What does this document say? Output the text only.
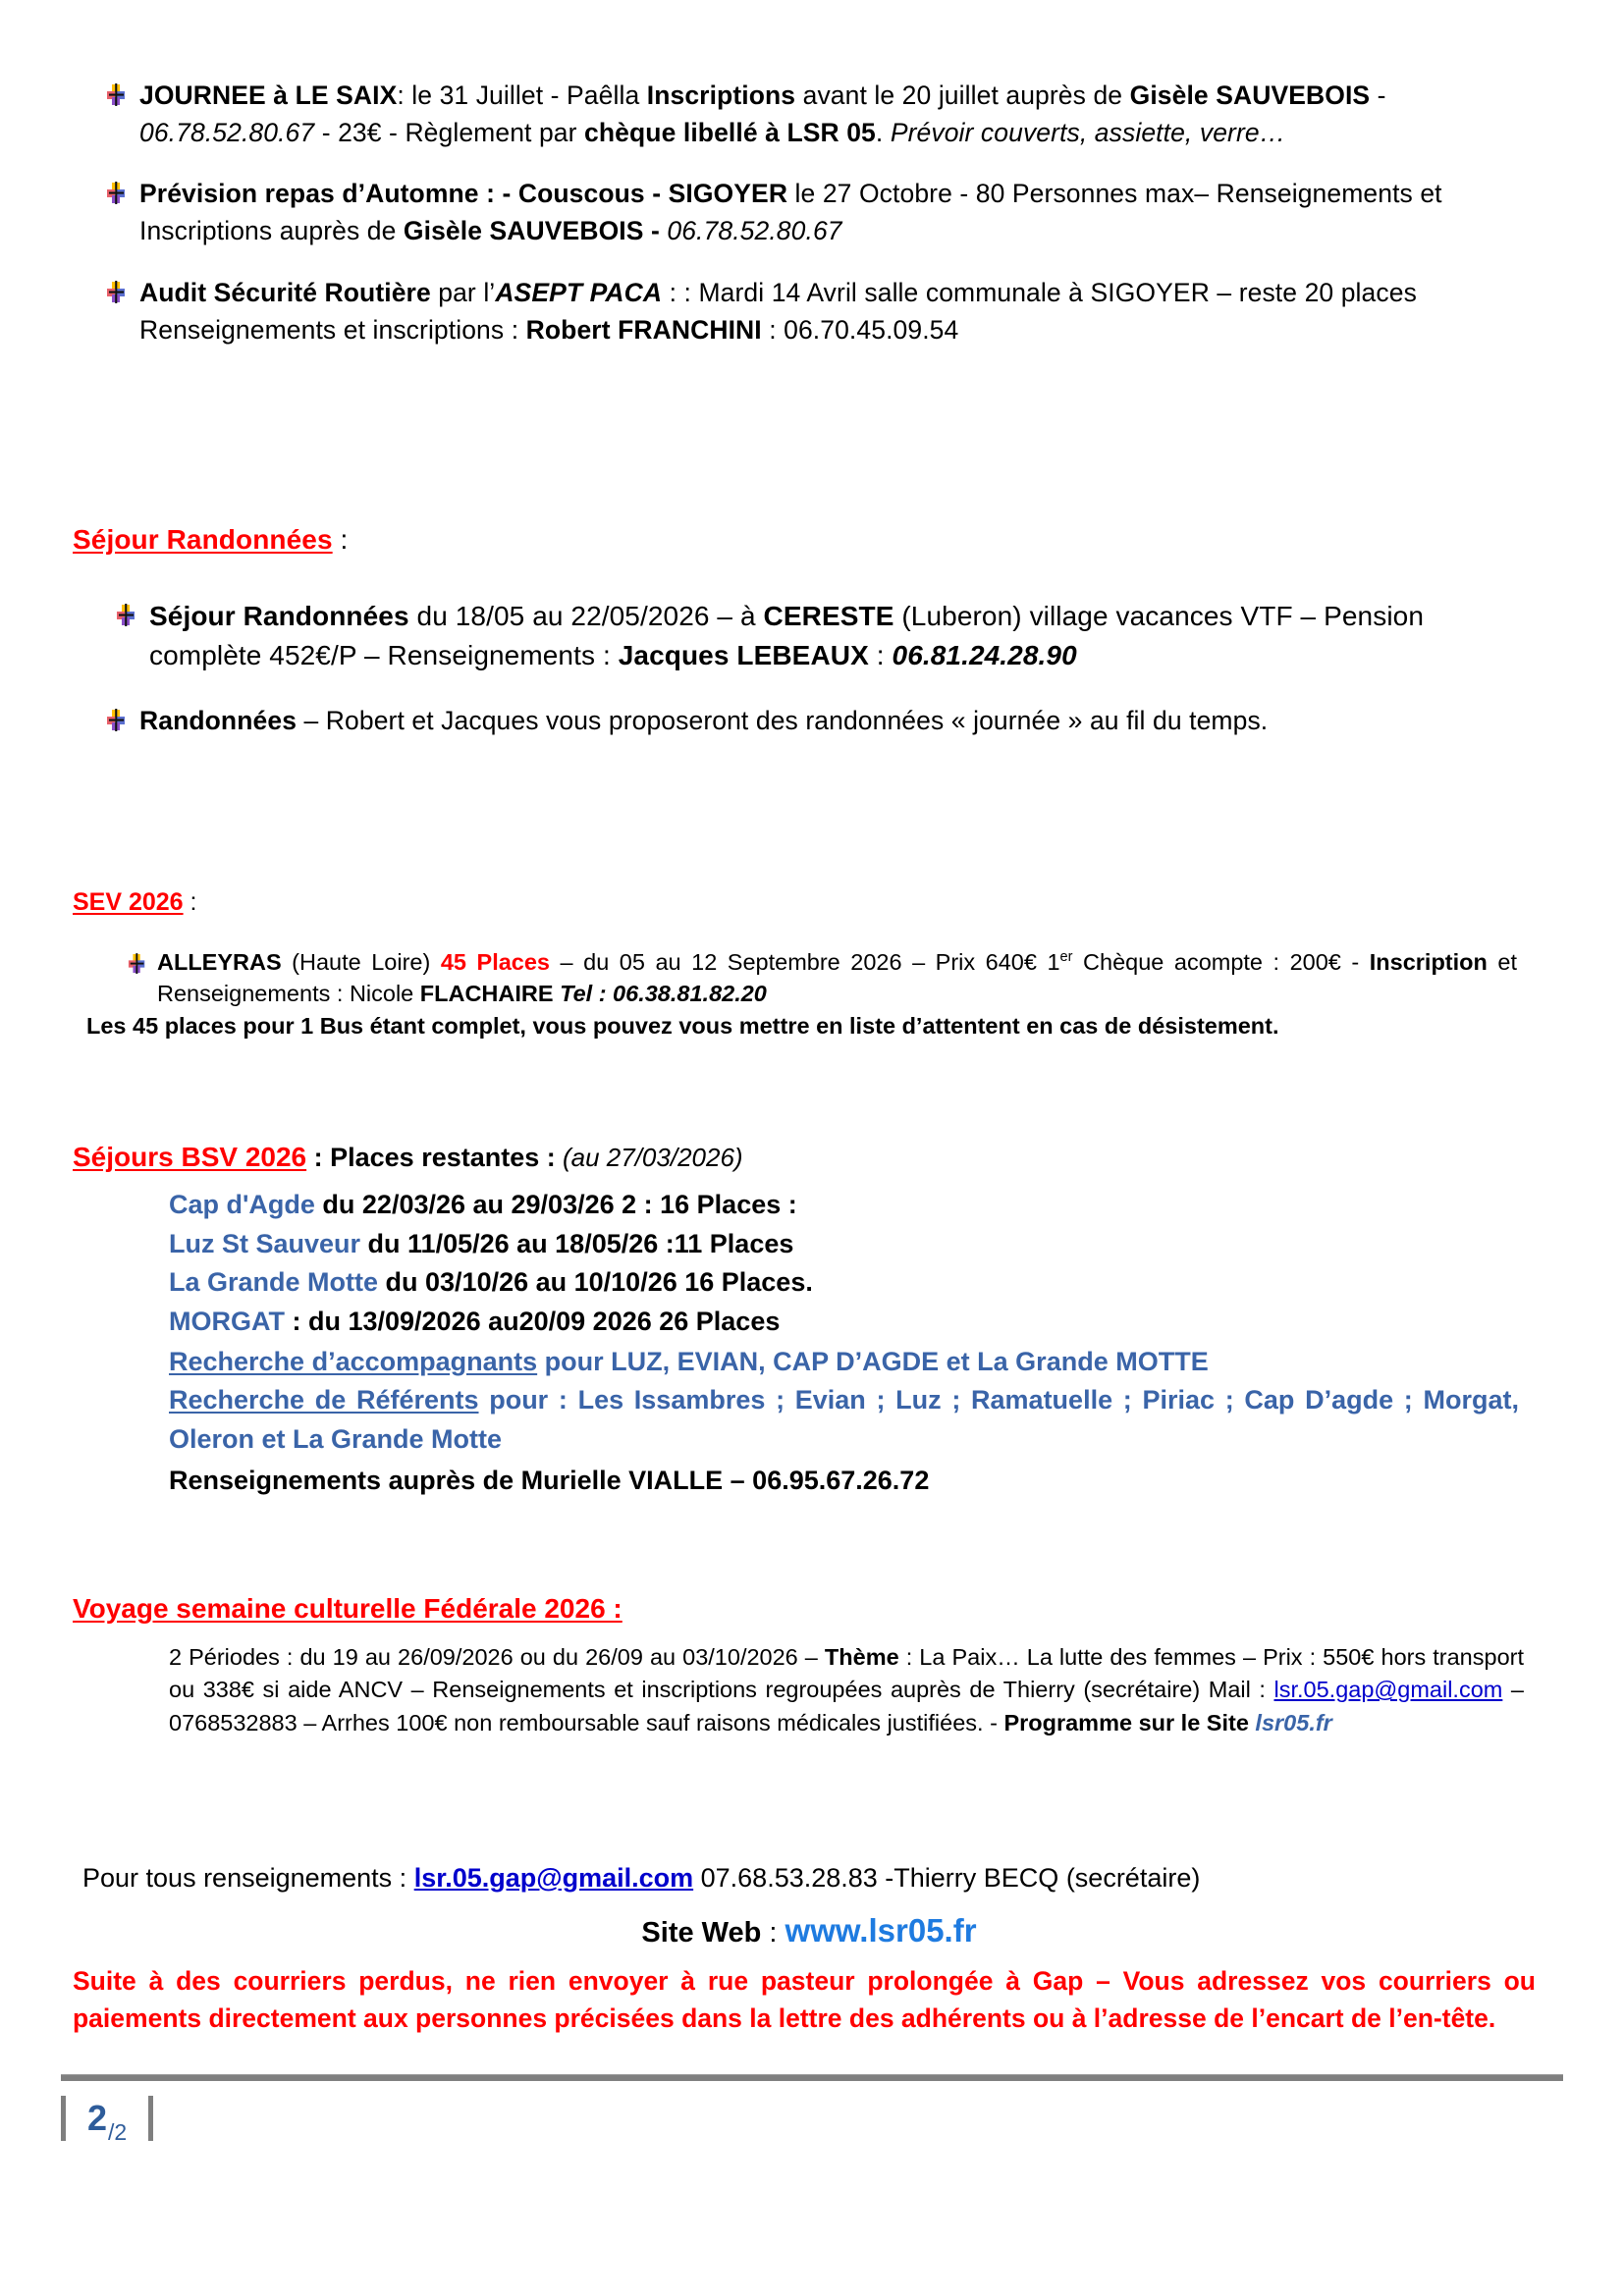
JOURNEE à LE SAIX: le 31 Juillet - Paêlla Inscriptions avant le 20 juillet auprès de Gisèle SAUVEBOIS - 06.78.52.80.67 - 23€ - Règlement par chèque libellé à LSR 05. Prévoir couverts, assiette, verre…
Prévision repas d’Automne : - Couscous - SIGOYER le 27 Octobre - 80 Personnes max– Renseignements et Inscriptions auprès de Gisèle SAUVEBOIS - 06.78.52.80.67
Audit Sécurité Routière par l’ASEPT PACA : : Mardi 14 Avril salle communale à SIGOYER – reste 20 places Renseignements et inscriptions : Robert FRANCHINI : 06.70.45.09.54
Séjour Randonnées :
Séjour Randonnées du 18/05 au 22/05/2026 – à CERESTE (Luberon) village vacances VTF – Pension complète 452€/P – Renseignements : Jacques LEBEAUX : 06.81.24.28.90
Randonnées – Robert et Jacques vous proposeront des randonnées « journée » au fil du temps.
SEV 2026 :
ALLEYRAS (Haute Loire) 45 Places – du 05 au 12 Septembre 2026 – Prix 640€ 1er Chèque acompte : 200€ - Inscription et Renseignements : Nicole FLACHAIRE Tel : 06.38.81.82.20
Les 45 places pour 1 Bus étant complet, vous pouvez vous mettre en liste d’attentent en cas de désistement.
Séjours BSV 2026 : Places restantes : (au 27/03/2026)
Cap d'Agde du 22/03/26 au 29/03/26 2 : 16 Places :
Luz St Sauveur du 11/05/26 au 18/05/26 :11 Places
La Grande Motte du 03/10/26 au 10/10/26 16 Places.
MORGAT : du 13/09/2026 au20/09 2026 26 Places
Recherche d’accompagnants pour LUZ, EVIAN, CAP D’AGDE et La Grande MOTTE
Recherche de Référents pour : Les Issambres ; Evian ; Luz ; Ramatuelle ; Piriac ; Cap D’agde ; Morgat, Oleron et La Grande Motte
Renseignements auprès de Murielle VIALLE – 06.95.67.26.72
Voyage semaine culturelle Fédérale 2026 :
2 Périodes : du 19 au 26/09/2026 ou du 26/09 au 03/10/2026 – Thème : La Paix… La lutte des femmes – Prix : 550€ hors transport ou 338€ si aide ANCV – Renseignements et inscriptions regroupées auprès de Thierry (secrétaire) Mail : lsr.05.gap@gmail.com – 0768532883 – Arrhes 100€ non remboursable sauf raisons médicales justifiées. - Programme sur le Site lsr05.fr
Pour tous renseignements : lsr.05.gap@gmail.com 07.68.53.28.83 -Thierry BECQ (secrétaire)
Site Web : www.lsr05.fr
Suite à des courriers perdus, ne rien envoyer à rue pasteur prolongée à Gap – Vous adressez vos courriers ou paiements directement aux personnes précisées dans la lettre des adhérents ou à l’adresse de l’encart de l’en-tête.
2 /2
